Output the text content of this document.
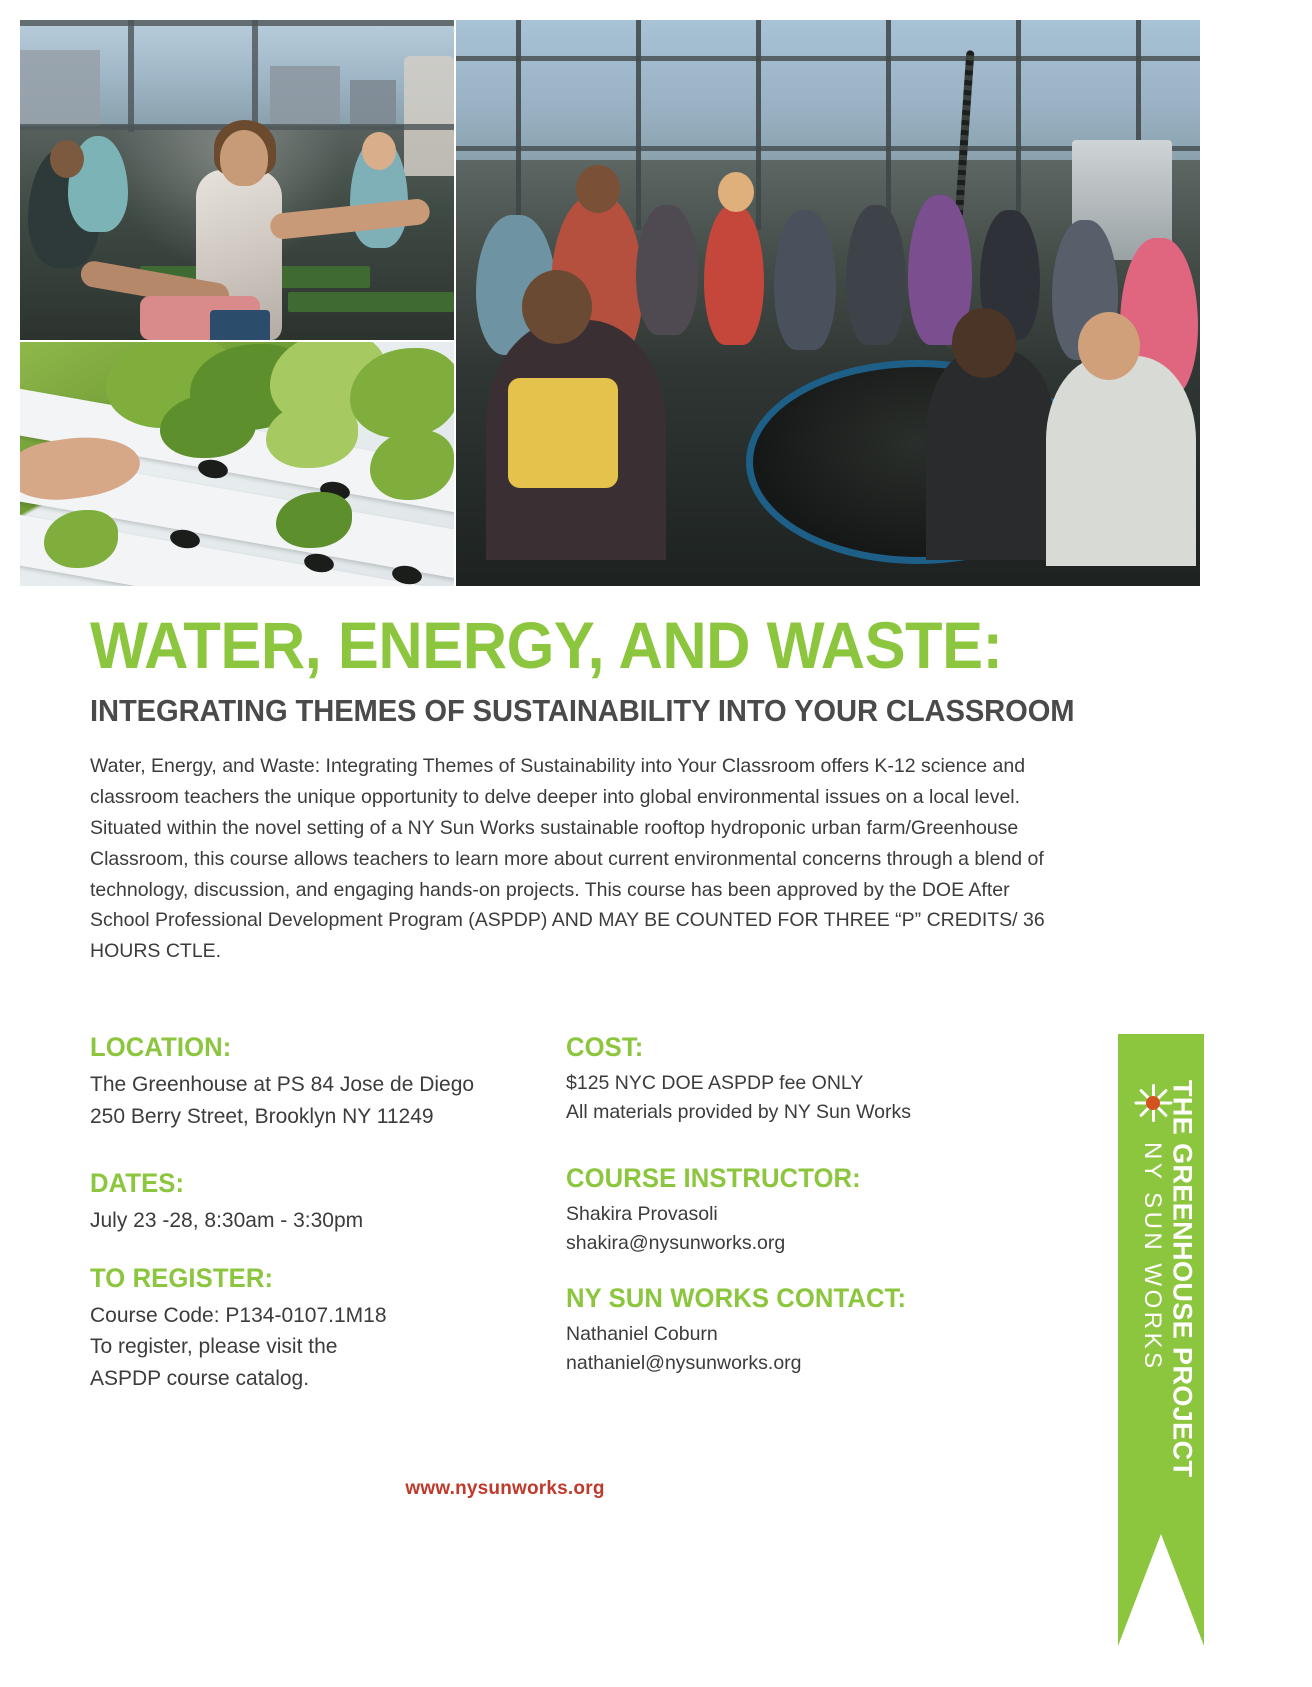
WATER, ENERGY, AND WASTE:
INTEGRATING THEMES OF SUSTAINABILITY INTO YOUR CLASSROOM

Water, Energy, and Waste: Integrating Themes of Sustainability into Your Classroom offers K-12 science and classroom teachers the unique opportunity to delve deeper into global environmental issues on a local level. Situated within the novel setting of a NY Sun Works sustainable rooftop hydroponic urban farm/Greenhouse Classroom, this course allows teachers to learn more about current environmental concerns through a blend of technology, discussion, and engaging hands-on projects. This course has been approved by the DOE After School Professional Development Program (ASPDP) AND MAY BE COUNTED FOR THREE “P” CREDITS/ 36 HOURS CTLE.

LOCATION:
The Greenhouse at PS 84 Jose de Diego
250 Berry Street, Brooklyn NY 11249
DATES:
July 23 -28, 8:30am - 3:30pm
TO REGISTER:
Course Code: P134-0107.1M18
To register, please visit the
ASPDP course catalog.
COST:
$125 NYC DOE ASPDP fee ONLY
All materials provided by NY Sun Works
COURSE INSTRUCTOR:
Shakira Provasoli
shakira@nysunworks.org
NY SUN WORKS CONTACT:
Nathaniel Coburn
nathaniel@nysunworks.org	THE GREENHOUSE PROJECT
NY SUN WORKS
www.nysunworks.org
